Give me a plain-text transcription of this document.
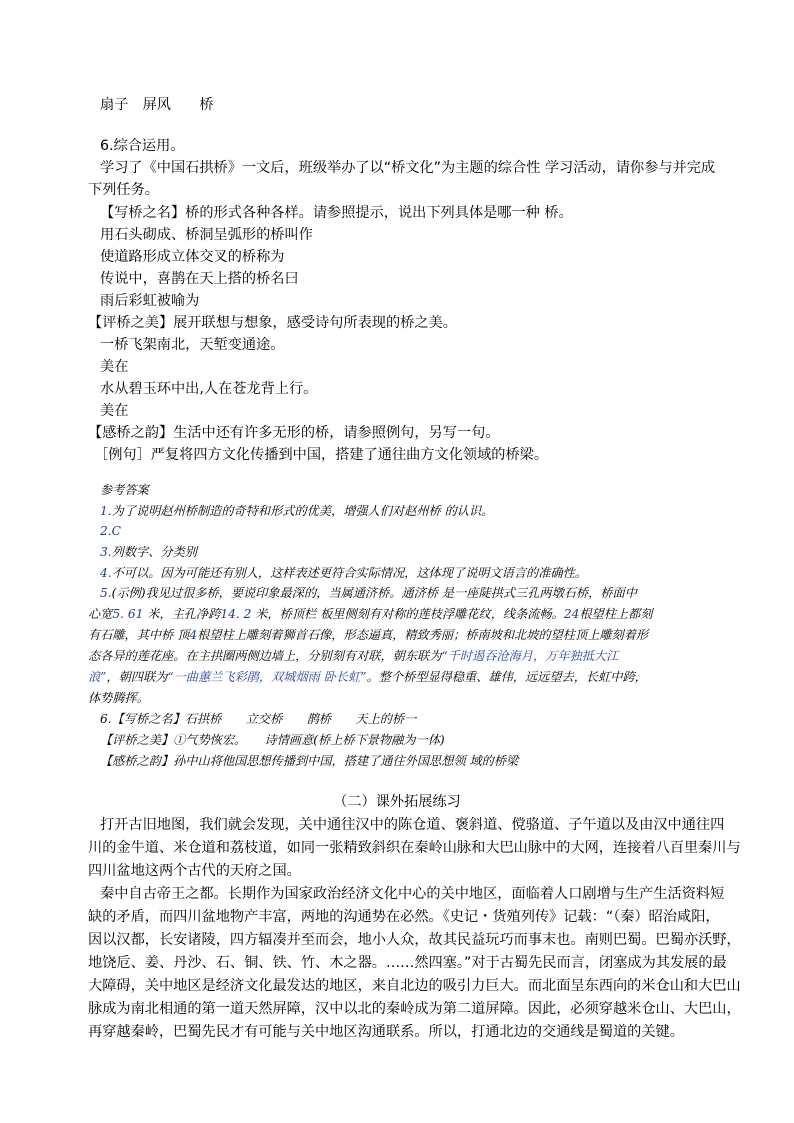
扇子　屏风　　桥
6.综合运用。
学习了《中国石拱桥》一文后，班级举办了以“桥文化”为主题的综合性 学习活动，请你参与并完成
下列任务。
【写桥之名】桥的形式各种各样。请参照提示，说出下列具体是哪一种 桥。
用石头砌成、桥洞呈弧形的桥叫作
使道路形成立体交叉的桥称为
传说中，喜鹊在天上搭的桥名曰
雨后彩虹被喻为
【评桥之美】展开联想与想象，感受诗句所表现的桥之美。
一桥飞架南北，天堑变通途。
美在
水从碧玉环中出,人在苍龙背上行。
美在
【感桥之韵】生活中还有许多无形的桥，请参照例句，另写一句。
［例句］严复将四方文化传播到中国，搭建了通往曲方文化领域的桥梁。
参考答案
1.为了说明赵州桥制造的奇特和形式的优美，增强人们对赵州桥 的认识。
2.C
3.列数字、分类别
4.不可以。因为可能还有别人，这样表述更符合实际情况，这体现了说明文语言的准确性。
5.(示例)我见过很多桥，要说印象最深的，当属通济桥。通济桥 是一座陡拱式三孔两墩石桥，桥面中
心宽5. 61 米，主孔净跨14. 2 米，桥顶栏 板里侧刻有对称的莲枝浮雕花纹，线条流畅。24根望柱上都刻
有石雕，其中桥 顶4根望柱上雕刻着狮首石像，形态逼真，精致秀丽；桥南坡和北坡的望柱顶上雕刻着形
态各异的莲花座。在主拱圈两侧边墙上，分别刻有对联，朝东联为“千时遏吞沧海月，万年独抵大江
浪”，朝四联为“一曲蕙兰飞彩鹃，双城烟雨 卧长虹”。整个桥型显得稳重、雄伟，远远望去，长虹中跨，
体势腾挥。
6.【写桥之名】石拱桥　　立交桥　　鹊桥　　天上的桥一
【评桥之美】①气势恢宏。　　诗情画意(桥上桥下景物融为一体)
【感桥之韵】孙中山将他国思想传播到中国，搭建了通往外国思想领 域的桥梁
（二）课外拓展练习
打开古旧地图，我们就会发现，关中通往汉中的陈仓道、褒斜道、傥骆道、子午道以及由汉中通往四
川的金牛道、米仓道和荔枝道，如同一张精致斜织在秦岭山脉和大巴山脉中的大网，连接着八百里秦川与
四川盆地这两个古代的天府之国。
秦中自古帝王之都。长期作为国家政治经济文化中心的关中地区，面临着人口剧增与生产生活资料短
缺的矛盾，而四川盆地物产丰富，两地的沟通势在必然。《史记・货殖列传》记载：“（秦）昭治咸阳，
因以汉都，长安诸陵，四方辐凑并至而会，地小人众，故其民益玩巧而事末也。南则巴蜀。巴蜀亦沃野，
地饶卮、姜、丹沙、石、铜、铁、竹、木之器。……然四塞。”对于古蜀先民而言，闭塞成为其发展的最
大障碍，关中地区是经济文化最发达的地区，来自北边的吸引力巨大。而北面呈东西向的米仓山和大巴山
脉成为南北相通的第一道天然屏障，汉中以北的秦岭成为第二道屏障。因此，必须穿越米仓山、大巴山，
再穿越秦岭，巴蜀先民才有可能与关中地区沟通联系。所以，打通北边的交通线是蜀道的关键。
